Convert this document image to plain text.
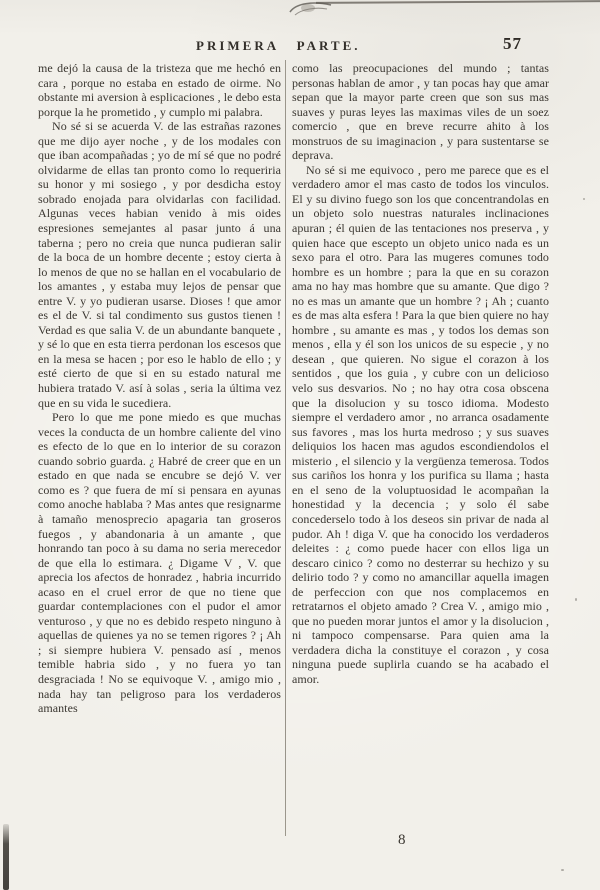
PRIMERA PARTE.	57

me dejó la causa de la tristeza que me hechó en cara , porque no estaba en estado de oirme. No obstante mi aversion à esplicaciones , le debo esta porque la he prometido , y cumplo mi palabra.

No sé si se acuerda V. de las estrañas razones que me dijo ayer noche , y de los modales con que iban acompañadas ; yo de mí sé que no podré olvidarme de ellas tan pronto como lo requeriria su honor y mi sosiego , y por desdicha estoy sobrado enojada para olvidarlas con facilidad. Algunas veces habian venido à mis oides espresiones semejantes al pasar junto á una taberna ; pero no creia que nunca pudieran salir de la boca de un hombre decente ; estoy cierta à lo menos de que no se hallan en el vocabulario de los amantes , y estaba muy lejos de pensar que entre V. y yo pudieran usarse. Dioses ! que amor es el de V. si tal condimento sus gustos tienen ! Verdad es que salia V. de un abundante banquete , y sé lo que en esta tierra perdonan los escesos que en la mesa se hacen ; por eso le hablo de ello ; y esté cierto de que si en su estado natural me hubiera tratado V. así à solas , seria la última vez que en su vida le sucediera.

Pero lo que me pone miedo es que muchas veces la conducta de un hombre caliente del vino es efecto de lo que en lo interior de su corazon cuando sobrio guarda. ¿ Habré de creer que en un estado en que nada se encubre se dejó V. ver como es ? que fuera de mí si pensara en ayunas como anoche hablaba ? Mas antes que resignarme à tamaño menosprecio apagaria tan groseros fuegos , y abandonaria à un amante , que honrando tan poco à su dama no seria merecedor de que ella lo estimara. ¿ Digame V , V. que aprecia los afectos de honradez , habria incurrido acaso en el cruel error de que no tiene que guardar contemplaciones con el pudor el amor venturoso , y que no es debido respeto ninguno à aquellas de quienes ya no se temen rigores ? ¡ Ah ; si siempre hubiera V. pensado así , menos temible habria sido , y no fuera yo tan desgraciada ! No se equivoque V. , amigo mio , nada hay tan peligroso para los verdaderos amantes

como las preocupaciones del mundo ; tantas personas hablan de amor , y tan pocas hay que amar sepan que la mayor parte creen que son sus mas suaves y puras leyes las maximas viles de un soez comercio , que en breve recurre ahito à los monstruos de su imaginacion , y para sustentarse se deprava.

No sé si me equivoco , pero me parece que es el verdadero amor el mas casto de todos los vinculos. El y su divino fuego son los que concentrandolas en un objeto solo nuestras naturales inclinaciones apuran ; él quien de las tentaciones nos preserva , y quien hace que escepto un objeto unico nada es un sexo para el otro. Para las mugeres comunes todo hombre es un hombre ; para la que en su corazon ama no hay mas hombre que su amante. Que digo ? no es mas un amante que un hombre ? ¡ Ah ; cuanto es de mas alta esfera ! Para la que bien quiere no hay hombre , su amante es mas , y todos los demas son menos , ella y él son los unicos de su especie , y no desean , que quieren. No sigue el corazon à los sentidos , que los guia , y cubre con un delicioso velo sus desvarios. No ; no hay otra cosa obscena que la disolucion y su tosco idioma. Modesto siempre el verdadero amor , no arranca osadamente sus favores , mas los hurta medroso ; y sus suaves deliquios los hacen mas agudos escondiendolos el misterio , el silencio y la vergüenza temerosa. Todos sus cariños los honra y los purifica su llama ; hasta en el seno de la voluptuosidad le acompañan la honestidad y la decencia ; y solo él sabe concederselo todo à los deseos sin privar de nada al pudor. Ah ! diga V. que ha conocido los verdaderos deleites : ¿ como puede hacer con ellos liga un descaro cinico ? como no desterrar su hechizo y su delirio todo ? y como no amancillar aquella imagen de perfeccion con que nos complacemos en retratarnos el objeto amado ? Crea V. , amigo mio , que no pueden morar juntos el amor y la disolucion , ni tampoco compensarse. Para quien ama la verdadera dicha la constituye el corazon , y cosa ninguna puede suplirla cuando se ha acabado el amor.

8
